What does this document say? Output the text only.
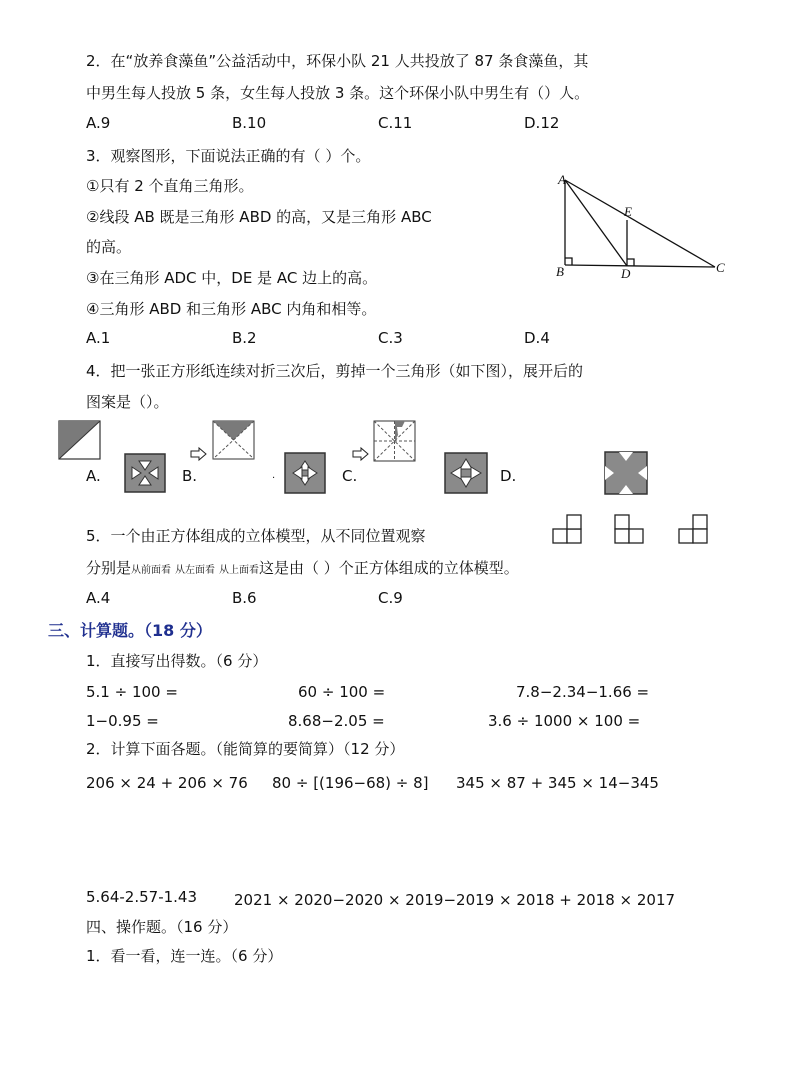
2．在“放养食藻鱼”公益活动中，环保小队 21 人共投放了 87 条食藻鱼，其
中男生每人投放 5 条，女生每人投放 3 条。这个环保小队中男生有（）人。
A.9	B.10	C.11	D.12
3．观察图形，下面说法正确的有（ ）个。
①只有 2 个直角三角形。
②线段 AB 既是三角形 ABD 的高，又是三角形 ABC
的高。
③在三角形 ADC 中，DE 是 AC 边上的高。
④三角形 ABD 和三角形 ABC 内角和相等。
A.1	B.2	C.3	D.4
A
B	C
D
E
4．把一张正方形纸连续对折三次后，剪掉一个三角形（如下图），展开后的
图案是（）。
A.	B.	.	C.	D.
5．一个由正方体组成的立体模型，从不同位置观察
分别是从前面看 从左面看 从上面看这是由（ ）个正方体组成的立体模型。
A.4	B.6	C.9
三、计算题。（18 分）
1．直接写出得数。（6 分）
5.1 ÷ 100 =	60 ÷ 100 =	7.8−2.34−1.66 =
1−0.95 =	8.68−2.05 =	3.6 ÷ 1000 × 100 =
2．计算下面各题。（能简算的要简算）（12 分）
206 × 24 + 206 × 76 80 ÷ [(196−68) ÷ 8] 345 × 87 + 345 × 14−345
5.64-2.57-1.43 2021 × 2020−2020 × 2019−2019 × 2018 + 2018 × 2017
四、操作题。（16 分）
1．看一看，连一连。（6 分）
